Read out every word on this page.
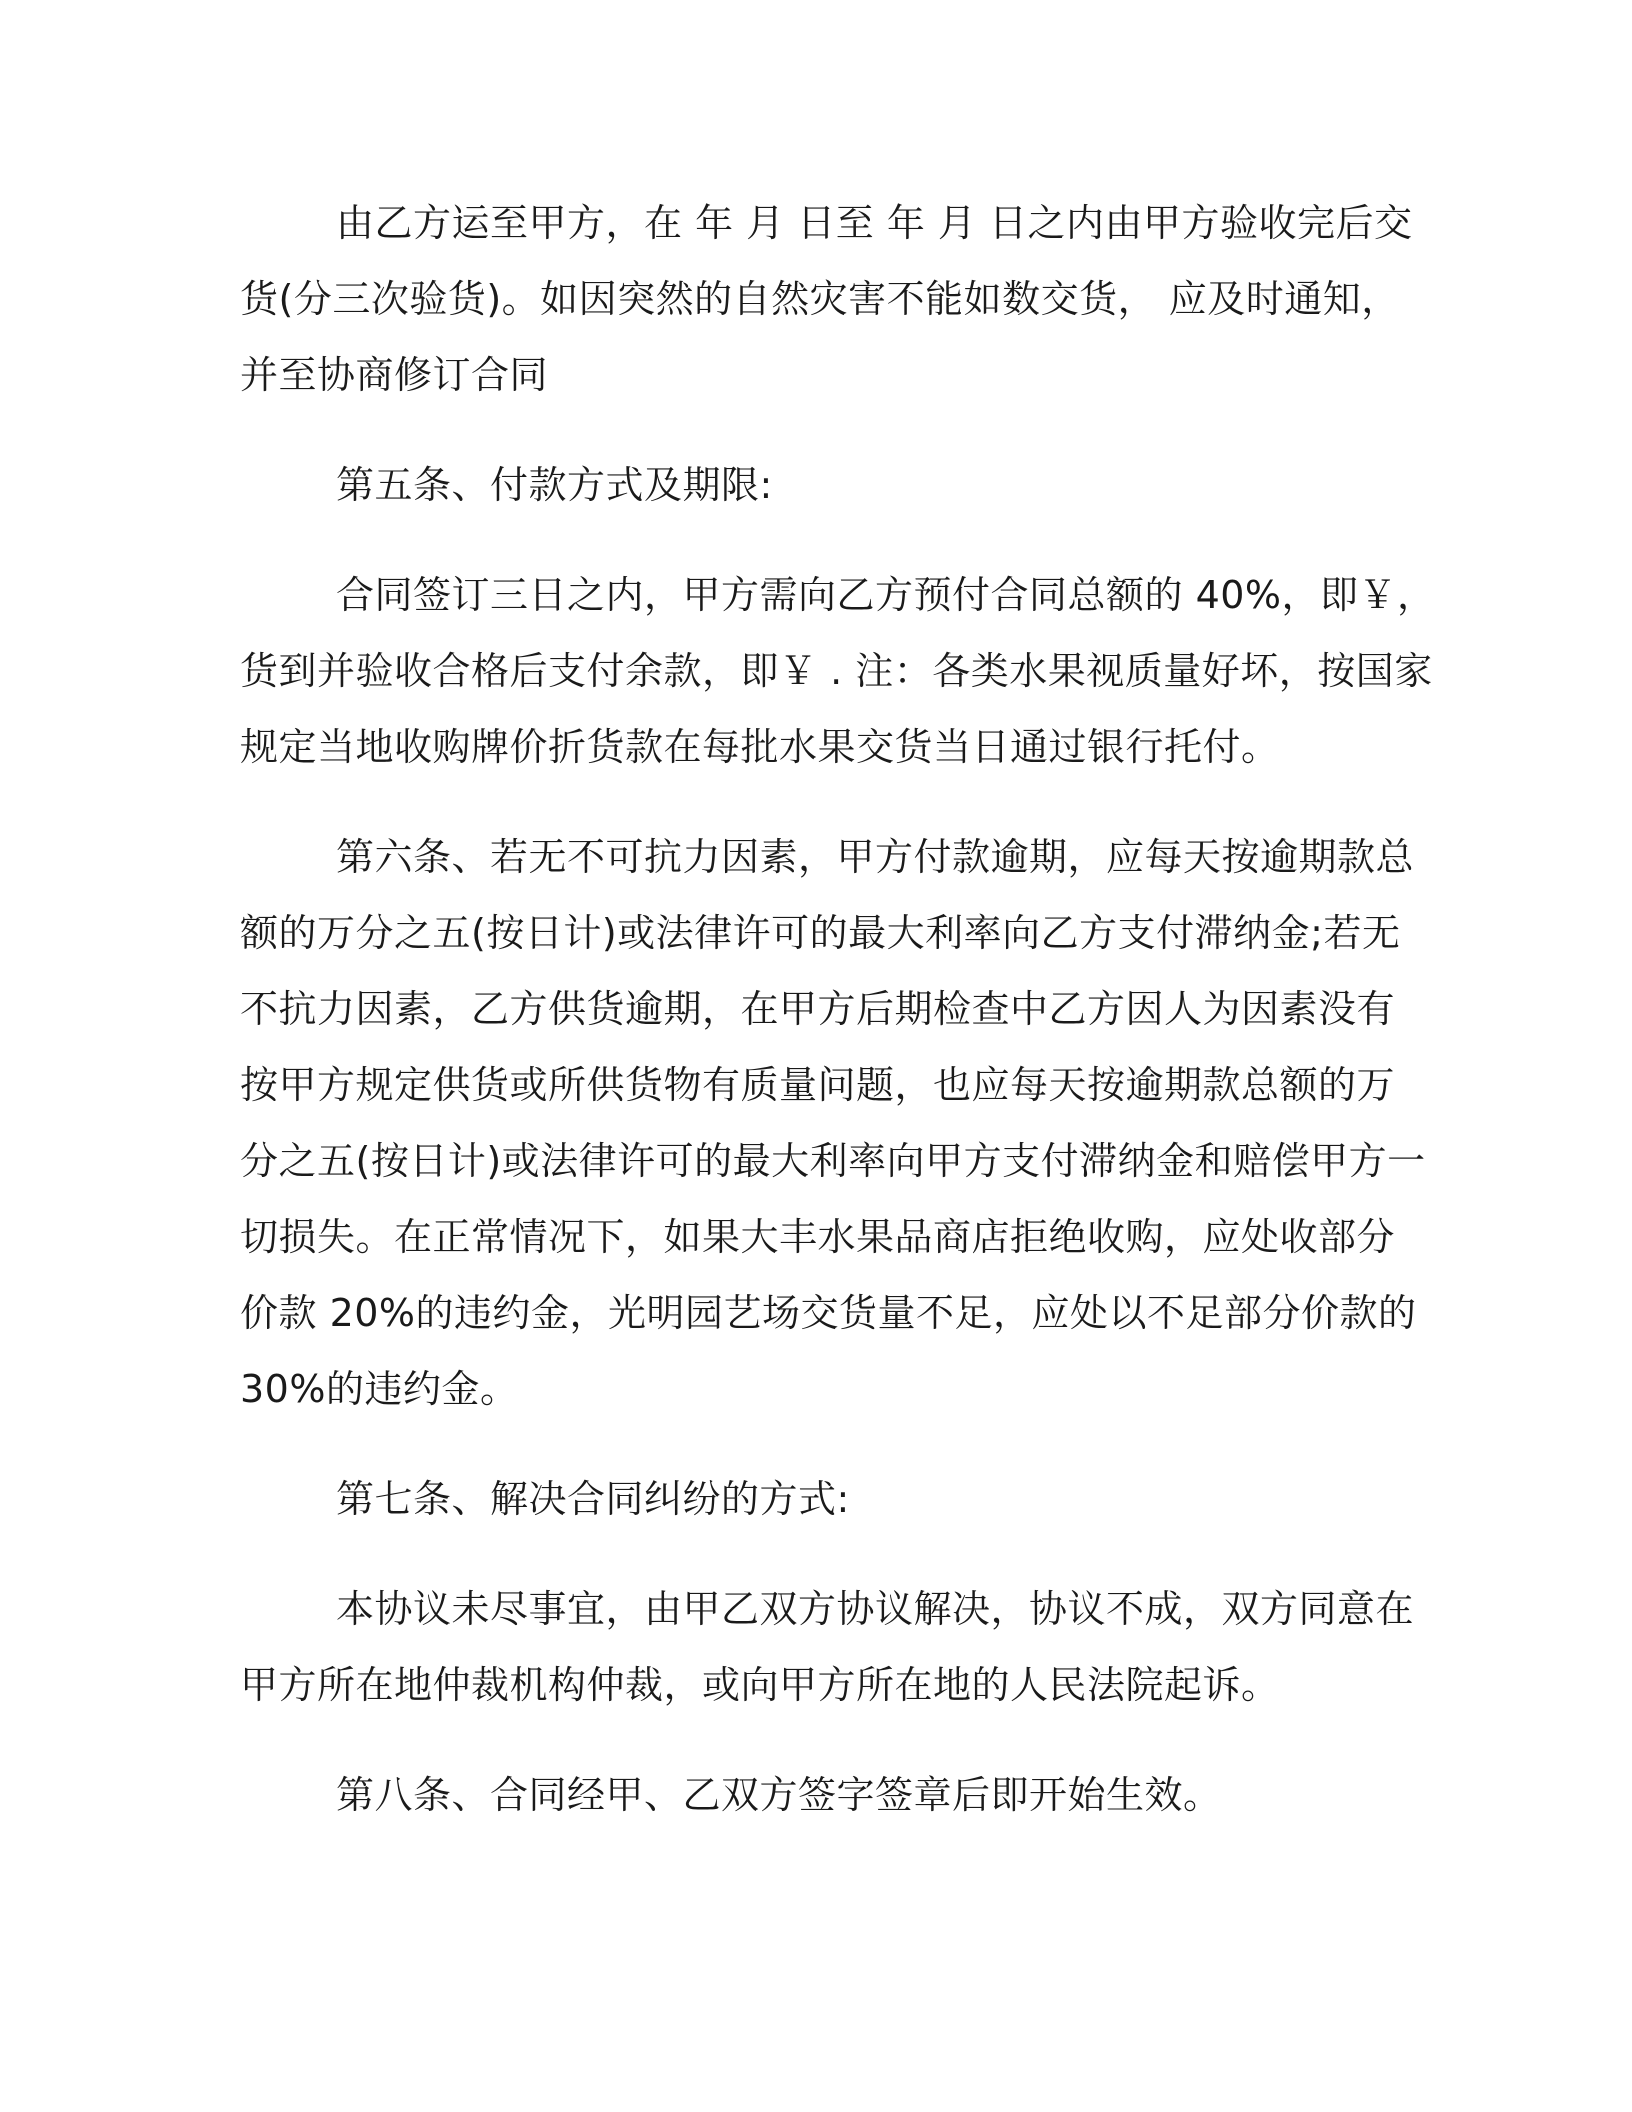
由乙方运至甲方，在 年 月 日至 年 月 日之内由甲方验收完后交
货(分三次验货)。如因突然的自然灾害不能如数交货， 应及时通知，
并至协商修订合同

第五条、付款方式及期限:

合同签订三日之内，甲方需向乙方预付合同总额的 40%，即￥，
货到并验收合格后支付余款，即￥ . 注：各类水果视质量好坏，按国家
规定当地收购牌价折货款在每批水果交货当日通过银行托付。

第六条、若无不可抗力因素，甲方付款逾期，应每天按逾期款总
额的万分之五(按日计)或法律许可的最大利率向乙方支付滞纳金;若无
不抗力因素，乙方供货逾期，在甲方后期检查中乙方因人为因素没有
按甲方规定供货或所供货物有质量问题，也应每天按逾期款总额的万
分之五(按日计)或法律许可的最大利率向甲方支付滞纳金和赔偿甲方一
切损失。在正常情况下，如果大丰水果品商店拒绝收购，应处收部分
价款 20%的违约金，光明园艺场交货量不足，应处以不足部分价款的
30%的违约金。

第七条、解决合同纠纷的方式:

本协议未尽事宜，由甲乙双方协议解决，协议不成，双方同意在
甲方所在地仲裁机构仲裁，或向甲方所在地的人民法院起诉。

第八条、合同经甲、乙双方签字签章后即开始生效。
